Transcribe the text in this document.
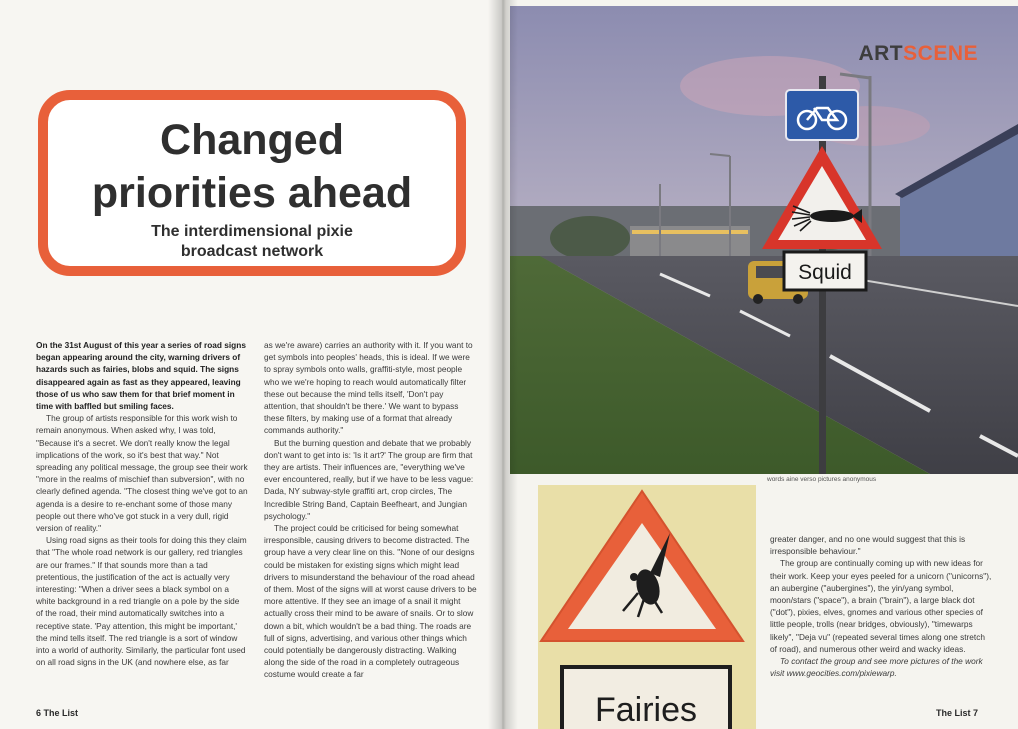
Changed
priorities ahead
The interdimensional pixie
broadcast network

On the 31st August of this year a series of road signs began appearing around the city, warning drivers of hazards such as fairies, blobs and squid. The signs disappeared again as fast as they appeared, leaving those of us who saw them for that brief moment in time with baffled but smiling faces.

The group of artists responsible for this work wish to remain anonymous. When asked why, I was told, "Because it's a secret. We don't really know the legal implications of the work, so it's best that way." Not spreading any political message, the group see their work "more in the realms of mischief than subversion", with no clearly defined agenda. "The closest thing we've got to an agenda is a desire to re-enchant some of those many people out there who've got stuck in a very dull, rigid version of reality."

Using road signs as their tools for doing this they claim that "The whole road network is our gallery, red triangles are our frames." If that sounds more than a tad pretentious, the justification of the act is actually very interesting: "When a driver sees a black symbol on a white background in a red triangle on a pole by the side of the road, their mind automatically switches into a receptive state. 'Pay attention, this might be important,' the mind tells itself. The red triangle is a sort of window into a world of authority. Similarly, the particular font used on all road signs in the UK (and nowhere else, as far

as we're aware) carries an authority with it. If you want to get symbols into peoples' heads, this is ideal. If we were to spray symbols onto walls, graffiti-style, most people who we we're hoping to reach would automatically filter these out because the mind tells itself, 'Don't pay attention, that shouldn't be there.' We want to bypass these filters, by making use of a format that already commands authority."

But the burning question and debate that we probably don't want to get into is: 'Is it art?' The group are firm that they are artists. Their influences are, "everything we've ever encountered, really, but if we have to be less vague: Dada, NY subway-style graffiti art, crop circles, The Incredible String Band, Captain Beefheart, and Jungian psychology."

The project could be criticised for being somewhat irresponsible, causing drivers to become distracted. The group have a very clear line on this. "None of our designs could be mistaken for existing signs which might lead drivers to misunderstand the behaviour of the road ahead of them. Most of the signs will at worst cause drivers to be more attentive. If they see an image of a snail it might actually cross their mind to be aware of snails. Or to slow down a bit, which wouldn't be a bad thing. The roads are full of signs, advertising, and various other things which could potentially be dangerously distracting. Walking along the side of the road in a completely outrageous costume would create a far

6 The List
Squid
ARTSCENE
words aine verso pictures anonymous
Fairies

greater danger, and no one would suggest that this is irresponsible behaviour."

The group are continually coming up with new ideas for their work. Keep your eyes peeled for a unicorn ("unicorns"), an aubergine ("aubergines"), the yin/yang symbol, moon/stars ("space"), a brain ("brain"), a large black dot ("dot"), pixies, elves, gnomes and various other species of little people, trolls (near bridges, obviously), "timewarps likely", "Deja vu" (repeated several times along one stretch of road), and numerous other weird and wacky ideas.

To contact the group and see more pictures of the work visit www.geocities.com/pixiewarp.

The List 7
